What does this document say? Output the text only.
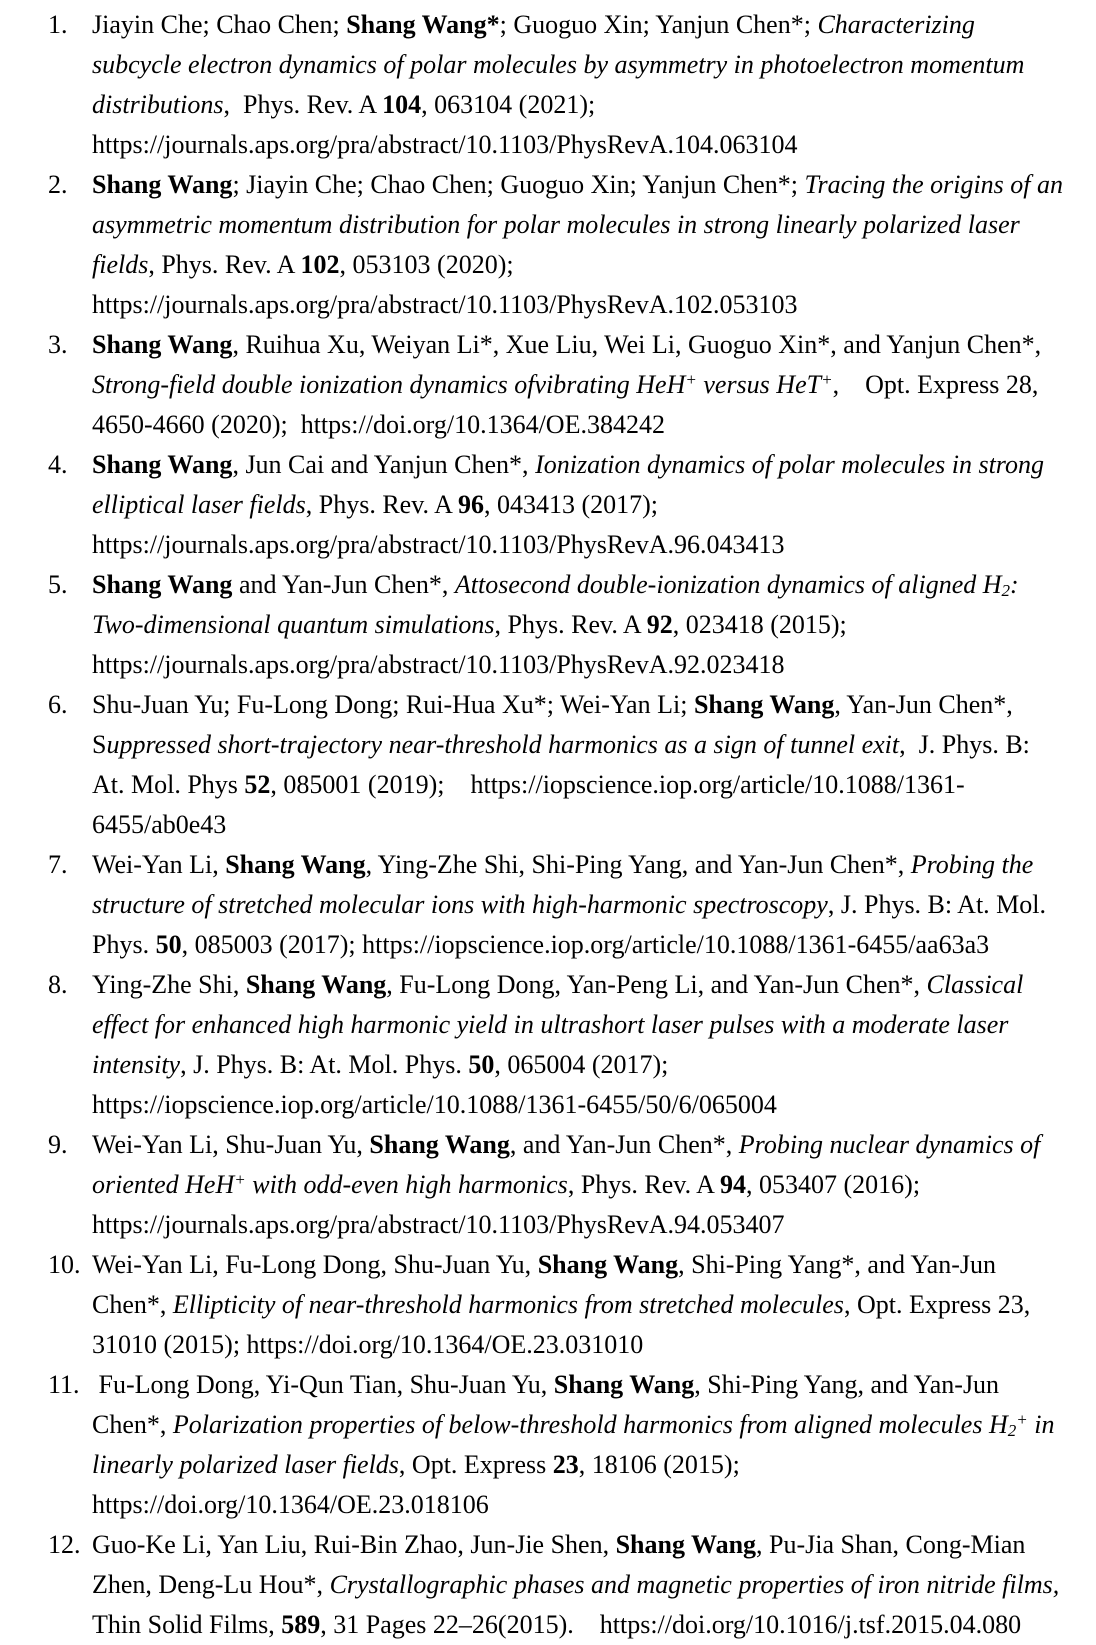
1. Jiayin Che; Chao Chen; Shang Wang*; Guoguo Xin; Yanjun Chen*; Characterizing subcycle electron dynamics of polar molecules by asymmetry in photoelectron momentum distributions,  Phys. Rev. A 104, 063104 (2021); https://journals.aps.org/pra/abstract/10.1103/PhysRevA.104.063104
2. Shang Wang; Jiayin Che; Chao Chen; Guoguo Xin; Yanjun Chen*; Tracing the origins of an asymmetric momentum distribution for polar molecules in strong linearly polarized laser fields, Phys. Rev. A 102, 053103 (2020); https://journals.aps.org/pra/abstract/10.1103/PhysRevA.102.053103
3. Shang Wang, Ruihua Xu, Weiyan Li*, Xue Liu, Wei Li, Guoguo Xin*, and Yanjun Chen*, Strong-field double ionization dynamics ofvibrating HeH+ versus HeT+,    Opt. Express 28, 4650-4660 (2020);  https://doi.org/10.1364/OE.384242
4. Shang Wang, Jun Cai and Yanjun Chen*, Ionization dynamics of polar molecules in strong elliptical laser fields, Phys. Rev. A 96, 043413 (2017); https://journals.aps.org/pra/abstract/10.1103/PhysRevA.96.043413
5. Shang Wang and Yan-Jun Chen*, Attosecond double-ionization dynamics of aligned H2: Two-dimensional quantum simulations, Phys. Rev. A 92, 023418 (2015); https://journals.aps.org/pra/abstract/10.1103/PhysRevA.92.023418
6. Shu-Juan Yu; Fu-Long Dong; Rui-Hua Xu*; Wei-Yan Li; Shang Wang, Yan-Jun Chen*,  Suppressed short-trajectory near-threshold harmonics as a sign of tunnel exit,  J. Phys. B: At. Mol. Phys 52, 085001 (2019);    https://iopscience.iop.org/article/10.1088/1361-6455/ab0e43
7. Wei-Yan Li, Shang Wang, Ying-Zhe Shi, Shi-Ping Yang, and Yan-Jun Chen*, Probing the structure of stretched molecular ions with high-harmonic spectroscopy, J. Phys. B: At. Mol. Phys. 50, 085003 (2017); https://iopscience.iop.org/article/10.1088/1361-6455/aa63a3
8. Ying-Zhe Shi, Shang Wang, Fu-Long Dong, Yan-Peng Li, and Yan-Jun Chen*, Classical effect for enhanced high harmonic yield in ultrashort laser pulses with a moderate laser intensity, J. Phys. B: At. Mol. Phys. 50, 065004 (2017); https://iopscience.iop.org/article/10.1088/1361-6455/50/6/065004
9. Wei-Yan Li, Shu-Juan Yu, Shang Wang, and Yan-Jun Chen*, Probing nuclear dynamics of oriented HeH+ with odd-even high harmonics, Phys. Rev. A 94, 053407 (2016); https://journals.aps.org/pra/abstract/10.1103/PhysRevA.94.053407
10. Wei-Yan Li, Fu-Long Dong, Shu-Juan Yu, Shang Wang, Shi-Ping Yang*, and Yan-Jun Chen*, Ellipticity of near-threshold harmonics from stretched molecules, Opt. Express 23, 31010 (2015); https://doi.org/10.1364/OE.23.031010
11. Fu-Long Dong, Yi-Qun Tian, Shu-Juan Yu, Shang Wang, Shi-Ping Yang, and Yan-Jun Chen*, Polarization properties of below-threshold harmonics from aligned molecules H2+ in linearly polarized laser fields, Opt. Express 23, 18106 (2015); https://doi.org/10.1364/OE.23.018106
12. Guo-Ke Li, Yan Liu, Rui-Bin Zhao, Jun-Jie Shen, Shang Wang, Pu-Jia Shan, Cong-Mian Zhen, Deng-Lu Hou*, Crystallographic phases and magnetic properties of iron nitride films, Thin Solid Films, 589, 31 Pages 22–26(2015).    https://doi.org/10.1016/j.tsf.2015.04.080
